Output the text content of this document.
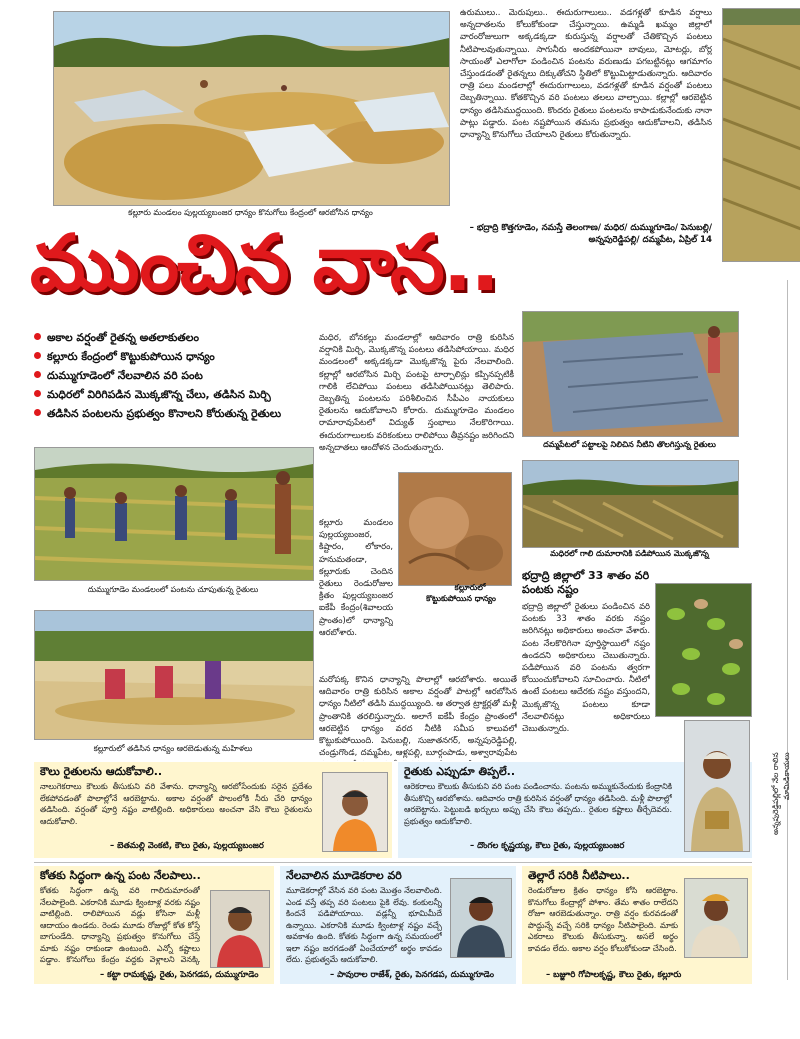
కల్లూరు మండలం పుల్లయ్యబంజర ధాన్యం కొనుగోలు కేంద్రంలో ఆరబోసిన ధాన్యం
ఉరుములు.. మెరుపులు.. ఈదురుగాలులు.. వడగళ్లతో కూడిన వర్షాలు అన్నదాతలను కోలుకోకుండా చేస్తున్నాయి. ఉమ్మడి ఖమ్మం జిల్లాలో వారంరోజులుగా అక్కడక్కడా కురుస్తున్న వర్షాలతో చేతికొచ్చిన పంటలు నీటిపాలవుతున్నాయి. సాగునీరు అందకపోయినా బావులు, మోటర్లు, బోర్ల సాయంతో ఎలాగోలా పండించిన పంటను వరుణుడు పగబట్టినట్లు ఆగమాగం చేస్తుండడంతో రైతన్నలు దిక్కుతోచని స్థితిలో కొట్టుమిట్టాడుతున్నారు. ఆదివారం రాత్రి పలు మండలాల్లో ఈదురుగాలులు, వడగళ్లతో కూడిన వర్షంతో పంటలు దెబ్బతిన్నాయి. కోతకొచ్చిన వరి పంటలు తలలు వాల్చాయి. కల్లాల్లో ఆరబెట్టిన ధాన్యం తడిసిముద్దయింది. కొందరు రైతులు పంటలను కాపాడుకునేందుకు నానా పాట్లు పడ్డారు. పంట నష్టపోయిన తమను ప్రభుత్వం ఆదుకోవాలని, తడిసిన ధాన్యాన్ని కొనుగోలు చేయాలని రైతులు కోరుతున్నారు.
– భద్రాద్రి కొత్తగూడెం, నమస్తే తెలంగాణ/ మధిర/ దుమ్ముగూడెం/ పెనుబల్లి/అన్నపురెడ్డిపల్లి/ దమ్మపేట, ఏప్రిల్ 14
ముంచిన వాన..
అకాల వర్షంతో రైతన్న అతలాకుతలం
కల్లూరు కేంద్రంలో కొట్టుకుపోయిన ధాన్యం
దుమ్ముగూడెంలో నేలవాలిన వరి పంట
మధిరలో విరిగిపడిన మొక్కజొన్న చేలు, తడిసిన మిర్చి
తడిసిన పంటలను ప్రభుత్వం కొనాలని కోరుతున్న రైతులు
దుమ్ముగూడెం మండలంలో పంటను చూపుతున్న రైతులు
కల్లూరులో తడిసిన ధాన్యం ఆరబెడుతున్న మహిళలు
మధిర, బోనకల్లు మండలాల్లో ఆదివారం రాత్రి కురిసిన వర్షానికి మిర్చి, మొక్కజొన్న పంటలు తడిసిపోయాయి. మధిర మండలంలో అక్కడక్కడా మొక్కజొన్న పైరు నేలవాలింది. కల్లాల్లో ఆరబోసిన మిర్చి పంటపై టార్పాలిన్లు కప్పినప్పటికీ గాలికి లేచిపోయి పంటలు తడిసిపోయినట్లు తెలిపారు. దెబ్బతిన్న పంటలను పరిశీలించిన సీపీఎం నాయకులు రైతులను ఆదుకోవాలని కోరారు. దుమ్ముగూడెం మండలం రామారావుపేటలో విద్యుత్ స్తంభాలు నేలకొరిగాయి. ఈదురుగాలులకు వరికంకులు రాలిపోయి తీవ్రనష్టం జరిగిందని అన్నదాతలు ఆందోళన చెందుతున్నారు.
కల్లూరు మండలం పుల్లయ్యబంజర, కిష్టారం, లోకారం, హనుమతండా, కల్లూరుకు చెందిన రైతులు రెండురోజుల క్రితం పుల్లయ్యబంజర ఐకేపీ కేంద్రం(శివాలయ ప్రాంతం)లో ధాన్యాన్ని ఆరబోశారు.
మరోపక్క కొనిన ధాన్యాన్ని పొలాల్లో ఆరబోశారు. అయితే ఆదివారం రాత్రి కురిసిన అకాల వర్షంతో పాటల్లో ఆరబోసిన ధాన్యం నీటిలో తడిసి ముద్దయ్యింది. ఆ తర్వాత ట్రాక్టర్లతో మళ్లీ ప్రాంతానికి తరలిస్తున్నారు. అలాగే ఐకేపీ కేంద్రం ప్రాంతంలో ఆరబెట్టిన ధాన్యం వరద నీటికి సమీప కాలువలో కొట్టుకుపోయింది. పెనుబల్లి, సుజాతనగర్, అన్నపురెడ్డిపల్లి, చండ్రుగొండ, దమ్మపేట, ఆళ్లపల్లి, బూర్గంపాడు, అశ్వారావుపేట
కల్లూరులో
కొట్టుకుపోయిన ధాన్యం
దమ్మపేటలో పట్టాలపై నిలిచిన నీటిని తొలగిస్తున్న రైతులు
మధిరలో గాలి దుమారానికి పడిపోయిన మొక్కజొన్న
భద్రాద్రి జిల్లాలో 33 శాతం వరి
పంటకు నష్టం
భద్రాద్రి జిల్లాలో రైతులు పండించిన వరి పంటకు 33 శాతం వరకు నష్టం జరిగినట్లు అధికారులు అంచనా వేశారు. పంట నేలకొరిగినా పూర్తిస్థాయిలో నష్టం ఉండదని అధికారులు చెబుతున్నారు. పడిపోయిన వరి పంటను త్వరగా కోయించుకోవాలని సూచించారు. నీటిలో ఉంటే పంటలు ఆదేరకు నష్టం వస్తుందని, మొక్కజొన్న పంటలు కూడా నేలవాలినట్లు అధికారులు చెబుతున్నారు.
అన్నపురెడ్డిపల్లిలో నేల రాలిన మామిడికాయలు
కౌలు రైతులను ఆదుకోవాలి..
నాలుగెకరాలు కౌలుకు తీసుకుని వరి వేశాను. ధాన్యాన్ని ఆరబోసేందుకు సరైన ప్రదేశం లేకపోవడంతో పొలాల్లోనే ఆరబెట్టాను. అకాల వర్షంతో పొలంలోకి నీరు చేరి ధాన్యం తడిసింది. వర్షంతో పూర్తి నష్టం వాటిల్లింది. అధికారులు అంచనా వేసి కౌలు రైతులను ఆదుకోవాలి.
– బెతమల్లి వెంకటి, కౌలు రైతు, పుల్లయ్యబంజర
రైతుకు ఎప్పుడూ తిప్పలే..
ఆరెకరాలు కౌలుకు తీసుకుని వరి పంట పండించాను. పంటను అమ్ముకునేందుకు కేంద్రానికి తీసుకొచ్చి ఆరబోశాను. ఆదివారం రాత్రి కురిసిన వర్షంతో ధాన్యం తడిసింది. మళ్లీ పొలాల్లో ఆరబెట్టాను. పెట్టుబడి ఖర్చులు అప్పు చేసి కౌలు తప్పదు.. రైతుల కష్టాలు తీర్చేదెవరు. ప్రభుత్వం ఆదుకోవాలి.
– దొంగల కృష్ణయ్య, కౌలు రైతు, పుల్లయ్యబంజర
కోతకు సిద్ధంగా ఉన్న పంట నేలపాలు..
కోతకు సిద్ధంగా ఉన్న వరి గాలిదుమారంతో నేలపాలైంది. ఎకరానికి మూడు క్వింటాళ్ల వరకు నష్టం వాటిల్లింది. రాలిపోయిన వడ్లు కోసినా మళ్లీ ఆదాయం ఉండదు. రెండు మూడు రోజుల్లో కోత కోస్తే బాగుండేది. ధాన్యాన్ని ప్రభుత్వం కొనుగోలు చేస్తే మాకు నష్టం రాకుండా ఉంటుంది. ఎన్నో కష్టాలు పడ్డాం. కొనుగోలు కేంద్రం వద్దకు వెళ్లాలని వెనక్కి
– కట్టా రామకృష్ణ, రైతు, పెనగడప, దుమ్ముగూడెం
నేలవాలిన మూడెకరాల వరి
మూడెకరాల్లో వేసిన వరి పంట మొత్తం నేలవాలింది. ఎండ వస్తే తప్ప వరి పంటలు పైకి లేవు. కంకులన్నీ కిందనే పడిపోయాయి. వడ్లన్నీ భూమిమీదే ఉన్నాయి. ఎకరానికి మూడు క్వింటాళ్ల నష్టం వచ్చే అవకాశం ఉంది. కోతకు సిద్ధంగా ఉన్న సమయంలో ఇలా నష్టం జరగడంతో ఏంచేయాలో అర్థం కావడం లేదు. ప్రభుత్వమే ఆదుకోవాలి.
– పావురాల రాజేశ్, రైతు, పెనగడప, దుమ్ముగూడెం
తెల్లారే సరికి నీటిపాలు..
రెండురోజుల క్రితం ధాన్యం కోసి ఆరబెట్టాం. కొనుగోలు కేంద్రాల్లో పోశాం. తేమ శాతం రాలేదని రోజూ ఆరబెడుతున్నాం. రాత్రి వర్షం కురవడంతో పొద్దున్నే వచ్చే సరికి ధాన్యం నీటిపాలైంది. మాకు ఎకరాలు కౌలుకు తీసుకున్నా. అసలే అర్థం కావడం లేదు. అకాల వర్షం కోలుకోకుండా చేసింది.
– బజ్జూరి గోపాలకృష్ణ, కౌలు రైతు, కల్లూరు
